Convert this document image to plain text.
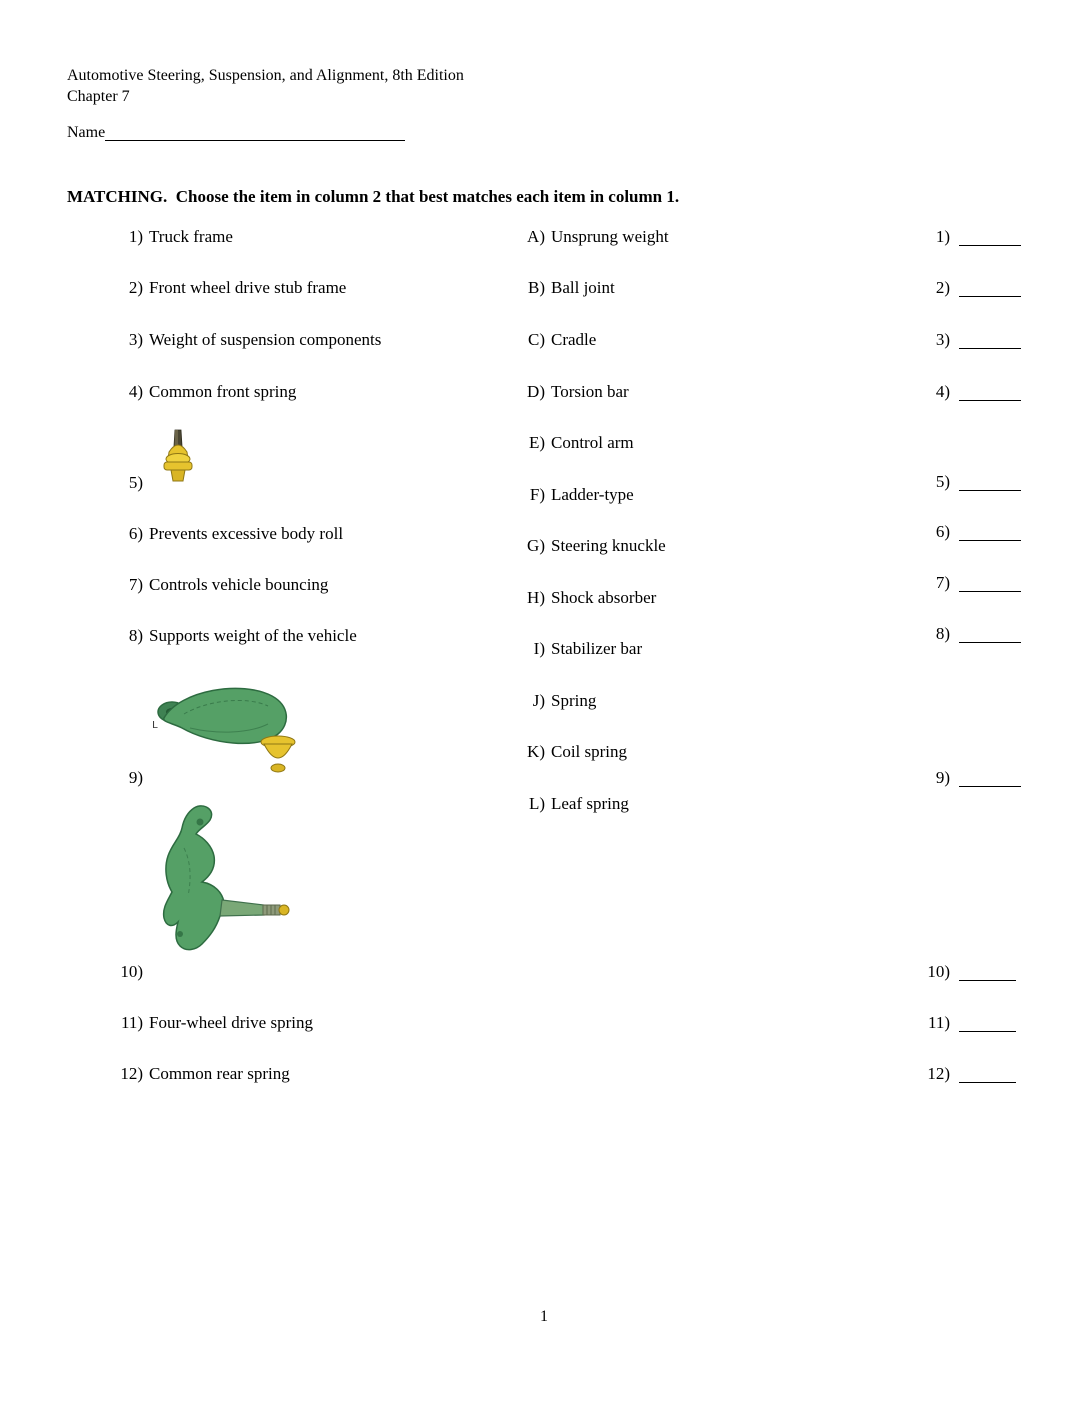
Automotive Steering, Suspension, and Alignment, 8th Edition
Chapter 7
Name
MATCHING.  Choose the item in column 2 that best matches each item in column 1.
1) Truck frame
2) Front wheel drive stub frame
3) Weight of suspension components
4) Common front spring
5)
6) Prevents excessive body roll
7) Controls vehicle bouncing
8) Supports weight of the vehicle
9)
10)
11) Four-wheel drive spring
12) Common rear spring
L
A) Unsprung weight
B) Ball joint
C) Cradle
D) Torsion bar
E) Control arm
F) Ladder-type
G) Steering knuckle
H) Shock absorber
I) Stabilizer bar
J) Spring
K) Coil spring
L) Leaf spring
1)
2)
3)
4)
5)
6)
7)
8)
9)
10)
11)
12)
1
